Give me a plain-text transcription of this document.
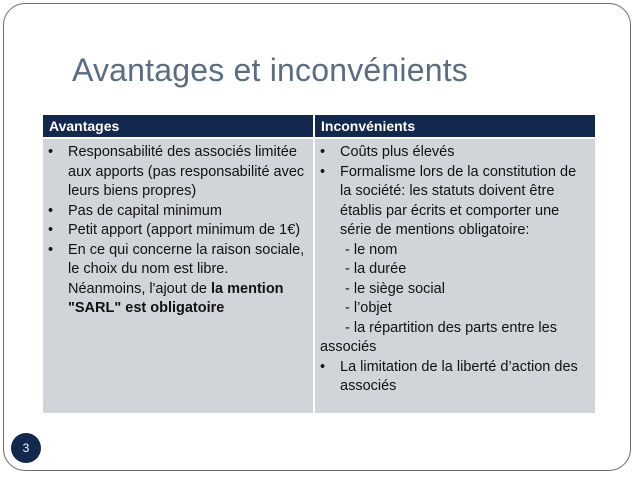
Avantages et inconvénients
Avantages	Inconvénients
• Responsabilité des associés limitée aux apports (pas responsabilité avec leurs biens propres)
• Pas de capital minimum
• Petit apport (apport minimum de 1€)
• En ce qui concerne la raison sociale, le choix du nom est libre. Néanmoins, l'ajout de la mention "SARL" est obligatoire
• Coûts plus élevés
• Formalisme lors de la constitution de la société: les statuts doivent être établis par écrits et comporter une série de mentions obligatoire:
- le nom
- la durée
- le siège social
- l’objet
- la répartition des parts entre les
associés
• La limitation de la liberté d’action des associés
3
